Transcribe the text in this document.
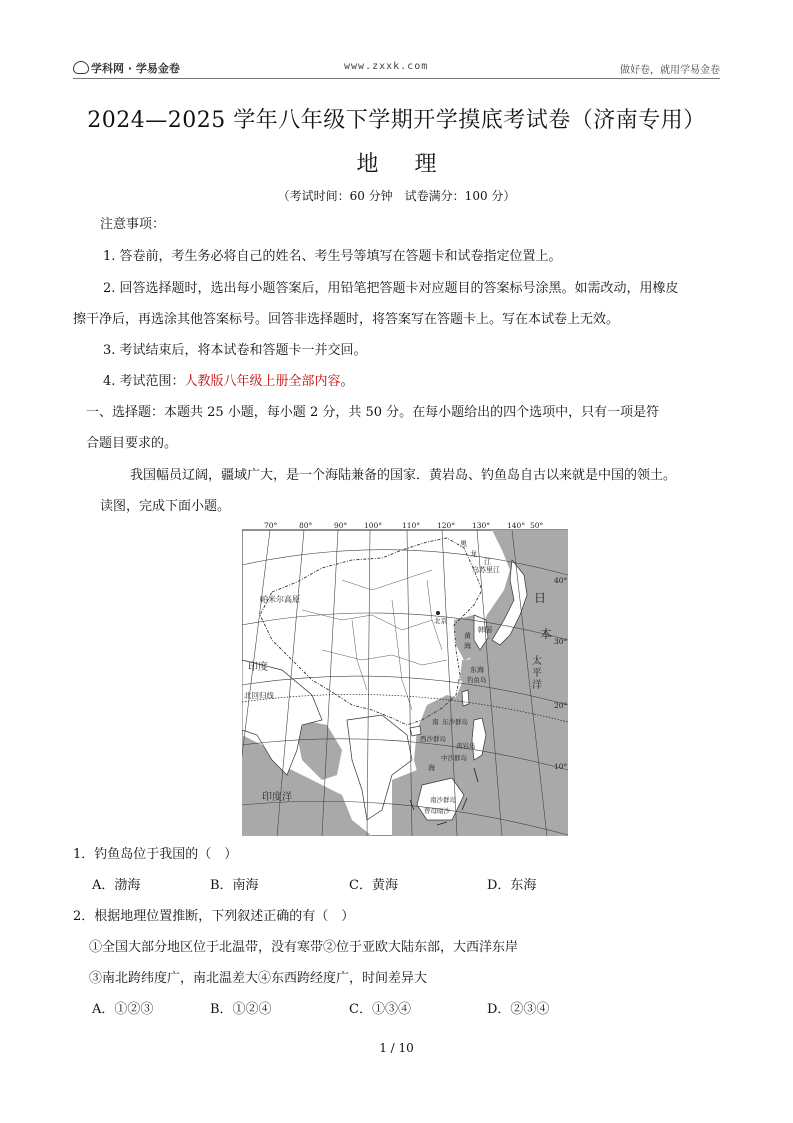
学科网 · 学易金卷	www.zxxk.com	做好卷，就用学易金卷
2024—2025 学年八年级下学期开学摸底考试卷（济南专用）
地 理
（考试时间：60 分钟　试卷满分：100 分）
注意事项：
1. 答卷前，考生务必将自己的姓名、考生号等填写在答题卡和试卷指定位置上。
2. 回答选择题时，选出每小题答案后，用铅笔把答题卡对应题目的答案标号涂黑。如需改动，用橡皮
擦干净后，再选涂其他答案标号。回答非选择题时，将答案写在答题卡上。写在本试卷上无效。
3. 考试结束后，将本试卷和答题卡一并交回。
4. 考试范围：人教版八年级上册全部内容。
一、选择题：本题共 25 小题，每小题 2 分，共 50 分。在每小题给出的四个选项中，只有一项是符
合题目要求的。
我国幅员辽阔，疆域广大，是一个海陆兼备的国家．黄岩岛、钓鱼岛自古以来就是中国的领土。
读图，完成下面小题。
70°	80°	90° 100°	110° 120° 130° 140° 50°
40°
30°
20°
10°
帕米尔高原
印度
北回归线
印度洋
日
本
太
平
洋
黑
龙
江
乌苏里江
北京
韩国
黄
海
东海
钓鱼岛
东沙群岛
南
西沙群岛
黄岩岛
中沙群岛
海
南沙群岛
曾母暗沙
1．钓鱼岛位于我国的（　）
A．渤海	B．南海	C．黄海	D．东海
2．根据地理位置推断，下列叙述正确的有（　）
①全国大部分地区位于北温带，没有寒带②位于亚欧大陆东部，大西洋东岸
③南北跨纬度广，南北温差大④东西跨经度广，时间差异大
A．①②③	B．①②④	C．①③④	D．②③④
1 / 10
